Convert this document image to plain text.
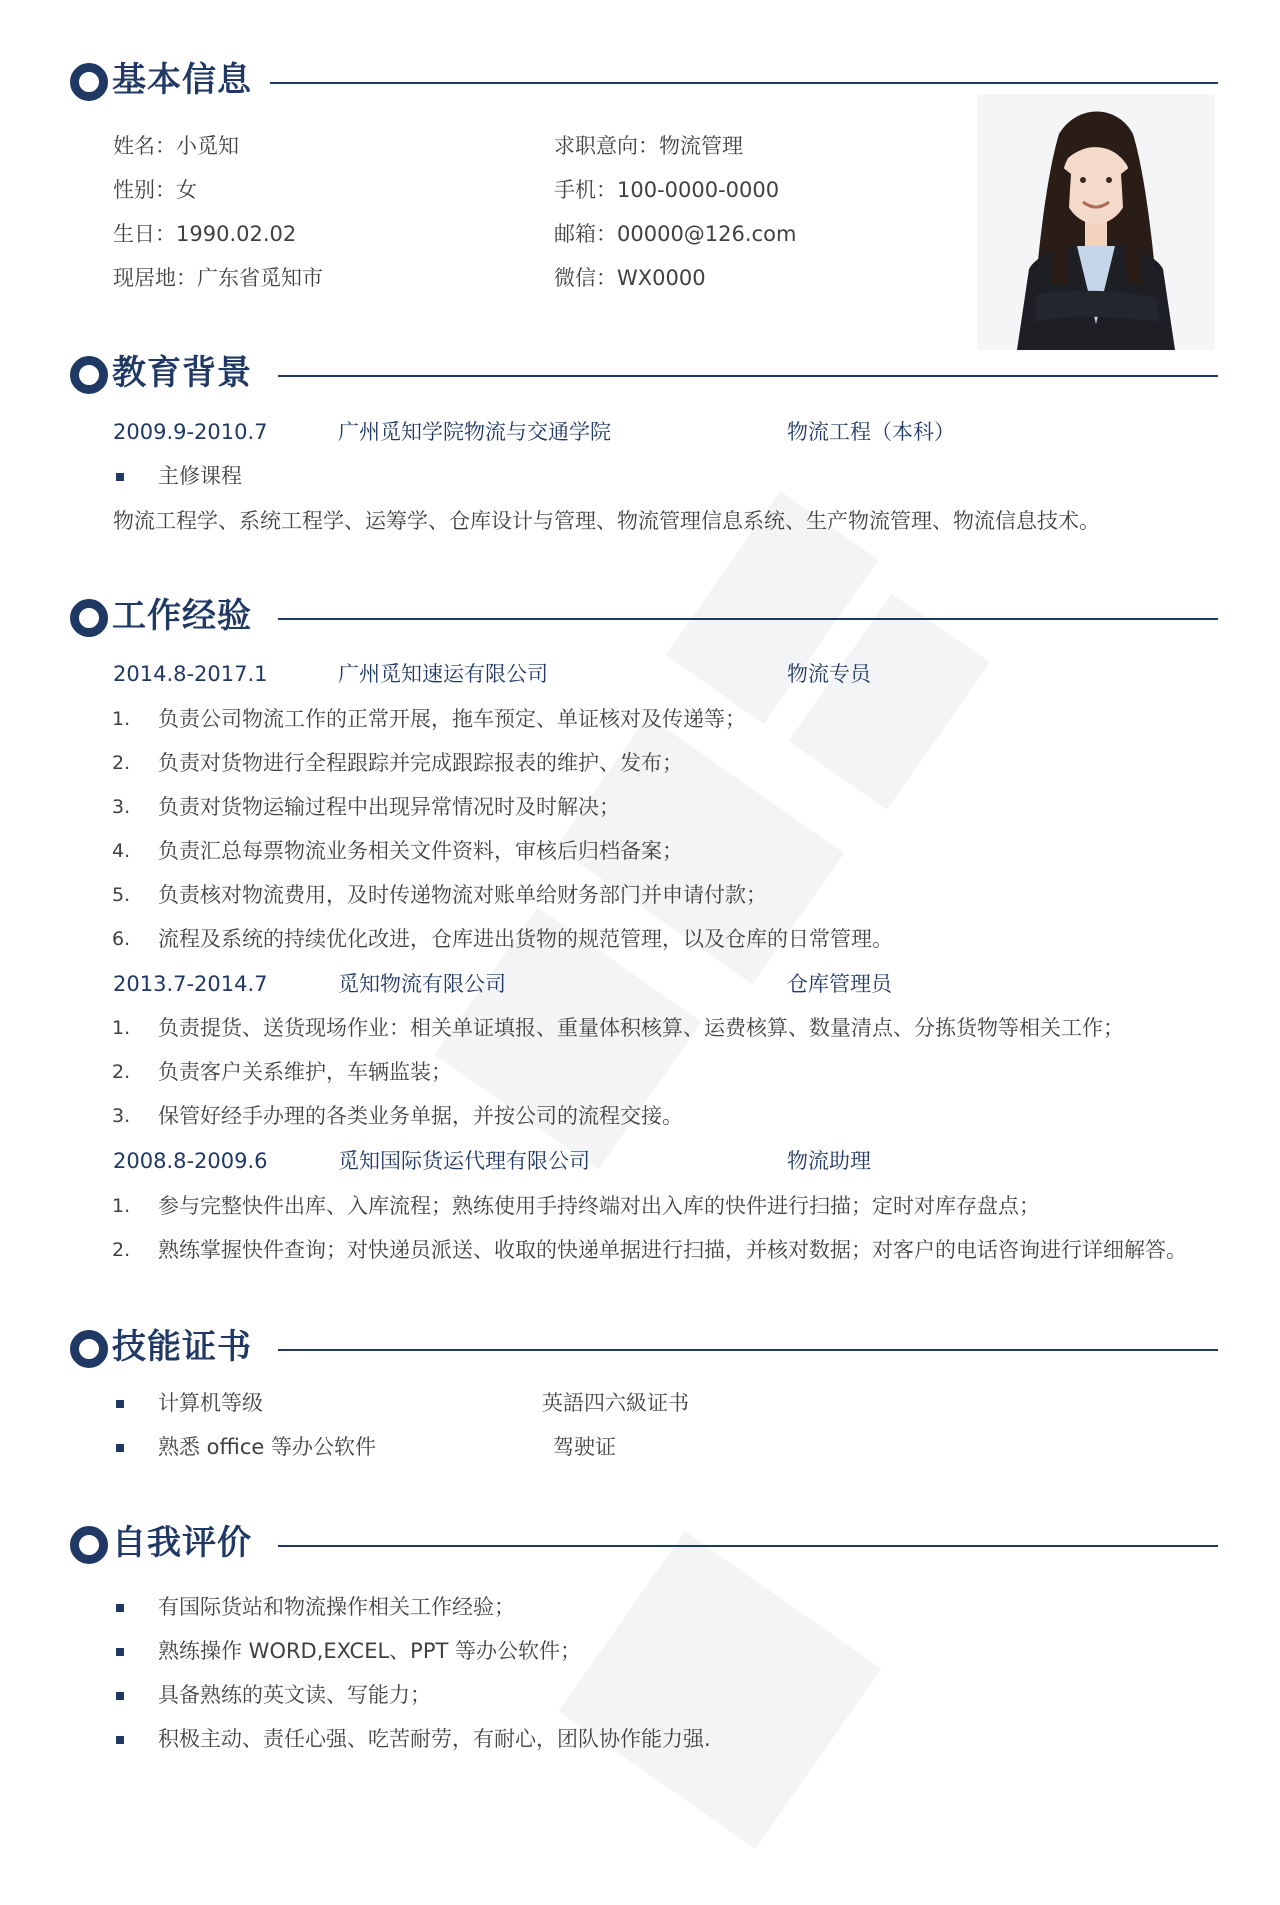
基本信息
姓名：小觅知
性别：女
生日：1990.02.02
现居地：广东省觅知市
求职意向：物流管理
手机：100-0000-0000
邮箱：00000@126.com
微信：WX0000
教育背景
2009.9-2010.7	广州觅知学院物流与交通学院	物流工程（本科）
主修课程
物流工程学、系统工程学、运筹学、仓库设计与管理、物流管理信息系统、生产物流管理、物流信息技术。
工作经验
2014.8-2017.1	广州觅知速运有限公司	物流专员
1. 负责公司物流工作的正常开展，拖车预定、单证核对及传递等；
2. 负责对货物进行全程跟踪并完成跟踪报表的维护、发布；
3. 负责对货物运输过程中出现异常情况时及时解决；
4. 负责汇总每票物流业务相关文件资料，审核后归档备案；
5. 负责核对物流费用，及时传递物流对账单给财务部门并申请付款；
6. 流程及系统的持续优化改进，仓库进出货物的规范管理，以及仓库的日常管理。
2013.7-2014.7	觅知物流有限公司	仓库管理员
1. 负责提货、送货现场作业：相关单证填报、重量体积核算、运费核算、数量清点、分拣货物等相关工作；
2. 负责客户关系维护，车辆监装；
3. 保管好经手办理的各类业务单据，并按公司的流程交接。
2008.8-2009.6	觅知国际货运代理有限公司	物流助理
1. 参与完整快件出库、入库流程；熟练使用手持终端对出入库的快件进行扫描；定时对库存盘点；
2. 熟练掌握快件查询；对快递员派送、收取的快递单据进行扫描，并核对数据；对客户的电话咨询进行详细解答。
技能证书
计算机等级	英語四六級证书
熟悉 office 等办公软件	驾驶证
自我评价
有国际货站和物流操作相关工作经验；
熟练操作 WORD,EXCEL、PPT 等办公软件；
具备熟练的英文读、写能力；
积极主动、责任心强、吃苦耐劳，有耐心，团队协作能力强.
